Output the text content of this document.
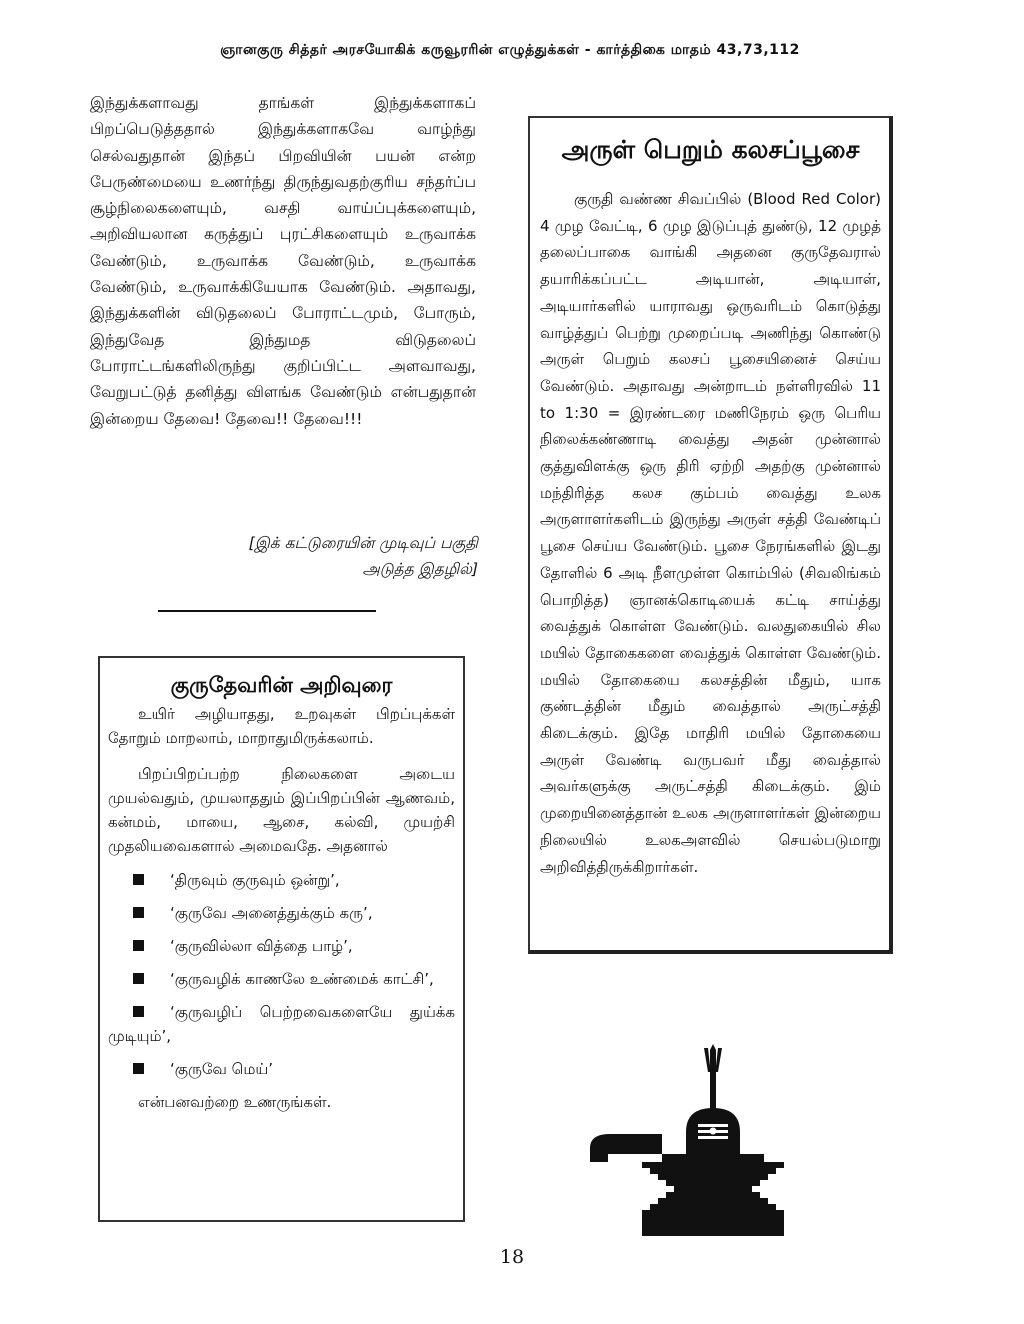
ஞானகுரு சித்தர் அரசயோகிக் கருவூரரின் எழுத்துக்கள் - கார்த்திகை மாதம் 43,73,112

இந்துக்களாவது தாங்கள் இந்துக்களாகப் பிறப்பெடுத்ததால் இந்துக்களாகவே வாழ்ந்து செல்வதுதான் இந்தப் பிறவியின் பயன் என்ற பேருண்மையை உணர்ந்து திருந்துவதற்குரிய சந்தர்ப்ப சூழ்நிலைகளையும், வசதி வாய்ப்புக்களையும், அறிவியலான கருத்துப் புரட்சிகளையும் உருவாக்க வேண்டும், உருவாக்க வேண்டும், உருவாக்க வேண்டும், உருவாக்கியேயாக வேண்டும். அதாவது, இந்துக்களின் விடுதலைப் போராட்டமும், போரும், இந்துவேத இந்துமத விடுதலைப் போராட்டங்களிலிருந்து குறிப்பிட்ட அளவாவது, வேறுபட்டுத் தனித்து விளங்க வேண்டும் என்பதுதான் இன்றைய தேவை! தேவை!! தேவை!!!

[இக் கட்டுரையின் முடிவுப் பகுதி
அடுத்த இதழில்]

குருதேவரின் அறிவுரை

உயிர் அழியாதது, உறவுகள் பிறப்புக்கள் தோறும் மாறலாம், மாறாதுமிருக்கலாம்.

பிறப்பிறப்பற்ற நிலைகளை அடைய முயல்வதும், முயலாததும் இப்பிறப்பின் ஆணவம், கன்மம், மாயை, ஆசை, கல்வி, முயற்சி முதலியவைகளால் அமைவதே. அதனால்

‘திருவும் குருவும் ஒன்று’,
‘குருவே அனைத்துக்கும் கரு’,
‘குருவில்லா வித்தை பாழ்’,
‘குருவழிக் காணலே உண்மைக் காட்சி’,
‘குருவழிப் பெற்றவைகளையே துய்க்க முடியும்’,
‘குருவே மெய்’
என்பனவற்றை உணருங்கள்.

அருள் பெறும் கலசப்பூசை

குருதி வண்ண சிவப்பில் (Blood Red Color) 4 முழ வேட்டி, 6 முழ இடுப்புத் துண்டு, 12 முழத் தலைப்பாகை வாங்கி அதனை குருதேவரால் தயாரிக்கப்பட்ட அடியான், அடியாள், அடியார்களில் யாராவது ஒருவரிடம் கொடுத்து வாழ்த்துப் பெற்று முறைப்படி அணிந்து கொண்டு அருள் பெறும் கலசப் பூசையினைச் செய்ய வேண்டும். அதாவது அன்றாடம் நள்ளிரவில் 11 to 1:30 = இரண்டரை மணிநேரம் ஒரு பெரிய நிலைக்கண்ணாடி வைத்து அதன் முன்னால் குத்துவிளக்கு ஒரு திரி ஏற்றி அதற்கு முன்னால் மந்திரித்த கலச கும்பம் வைத்து உலக அருளாளர்களிடம் இருந்து அருள் சத்தி வேண்டிப் பூசை செய்ய வேண்டும். பூசை நேரங்களில் இடது தோளில் 6 அடி நீளமுள்ள கொம்பில் (சிவலிங்கம் பொறித்த) ஞானக்கொடியைக் கட்டி சாய்த்து வைத்துக் கொள்ள வேண்டும். வலதுகையில் சில மயில் தோகைகளை வைத்துக் கொள்ள வேண்டும். மயில் தோகையை கலசத்தின் மீதும், யாக குண்டத்தின் மீதும் வைத்தால் அருட்சத்தி கிடைக்கும். இதே மாதிரி மயில் தோகையை அருள் வேண்டி வருபவர் மீது வைத்தால் அவர்களுக்கு அருட்சத்தி கிடைக்கும். இம் முறையினைத்தான் உலக அருளாளர்கள் இன்றைய நிலையில் உலகஅளவில் செயல்படுமாறு அறிவித்திருக்கிறார்கள்.

18
